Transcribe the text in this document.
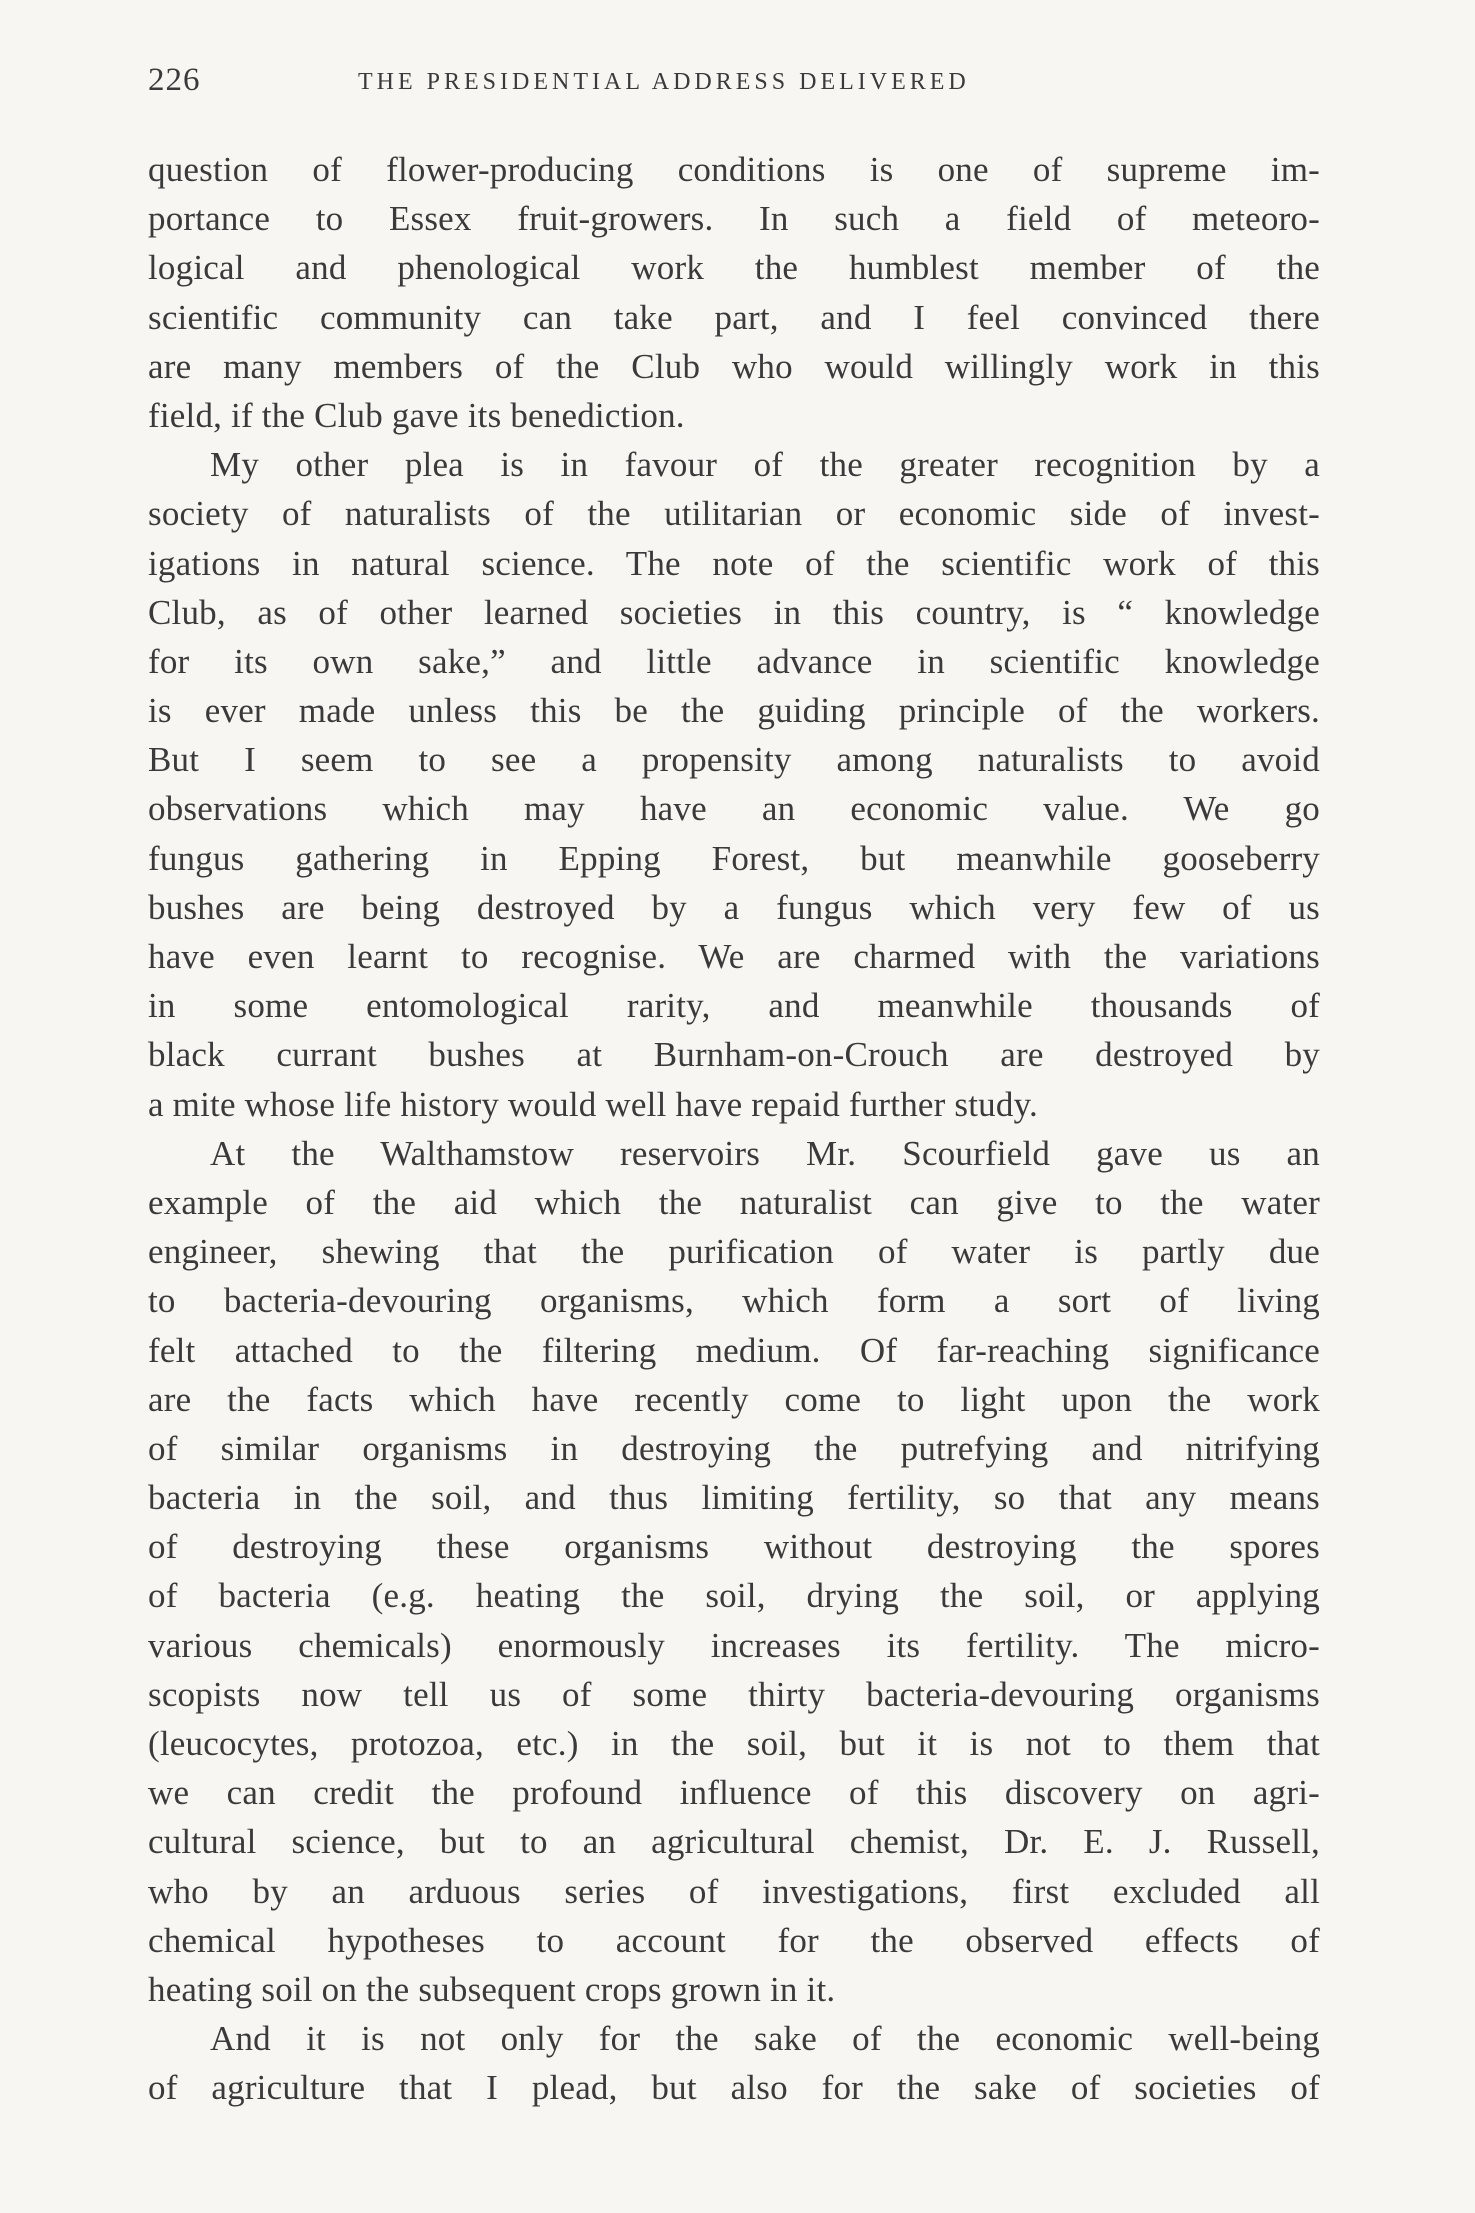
226	THE PRESIDENTIAL ADDRESS DELIVERED
question of flower-producing conditions is one of supreme im-
portance to Essex fruit-growers. In such a field of meteoro-
logical and phenological work the humblest member of the
scientific community can take part, and I feel convinced there
are many members of the Club who would willingly work in this
field, if the Club gave its benediction.
My other plea is in favour of the greater recognition by a
society of naturalists of the utilitarian or economic side of invest-
igations in natural science. The note of the scientific work of this
Club, as of other learned societies in this country, is “ knowledge
for its own sake,” and little advance in scientific knowledge
is ever made unless this be the guiding principle of the workers.
But I seem to see a propensity among naturalists to avoid
observations which may have an economic value. We go
fungus gathering in Epping Forest, but meanwhile gooseberry
bushes are being destroyed by a fungus which very few of us
have even learnt to recognise. We are charmed with the variations
in some entomological rarity, and meanwhile thousands of
black currant bushes at Burnham-on-Crouch are destroyed by
a mite whose life history would well have repaid further study.
At the Walthamstow reservoirs Mr. Scourfield gave us an
example of the aid which the naturalist can give to the water
engineer, shewing that the purification of water is partly due
to bacteria-devouring organisms, which form a sort of living
felt attached to the filtering medium. Of far-reaching significance
are the facts which have recently come to light upon the work
of similar organisms in destroying the putrefying and nitrifying
bacteria in the soil, and thus limiting fertility, so that any means
of destroying these organisms without destroying the spores
of bacteria (e.g. heating the soil, drying the soil, or applying
various chemicals) enormously increases its fertility. The micro-
scopists now tell us of some thirty bacteria-devouring organisms
(leucocytes, protozoa, etc.) in the soil, but it is not to them that
we can credit the profound influence of this discovery on agri-
cultural science, but to an agricultural chemist, Dr. E. J. Russell,
who by an arduous series of investigations, first excluded all
chemical hypotheses to account for the observed effects of
heating soil on the subsequent crops grown in it.
And it is not only for the sake of the economic well-being
of agriculture that I plead, but also for the sake of societies of
